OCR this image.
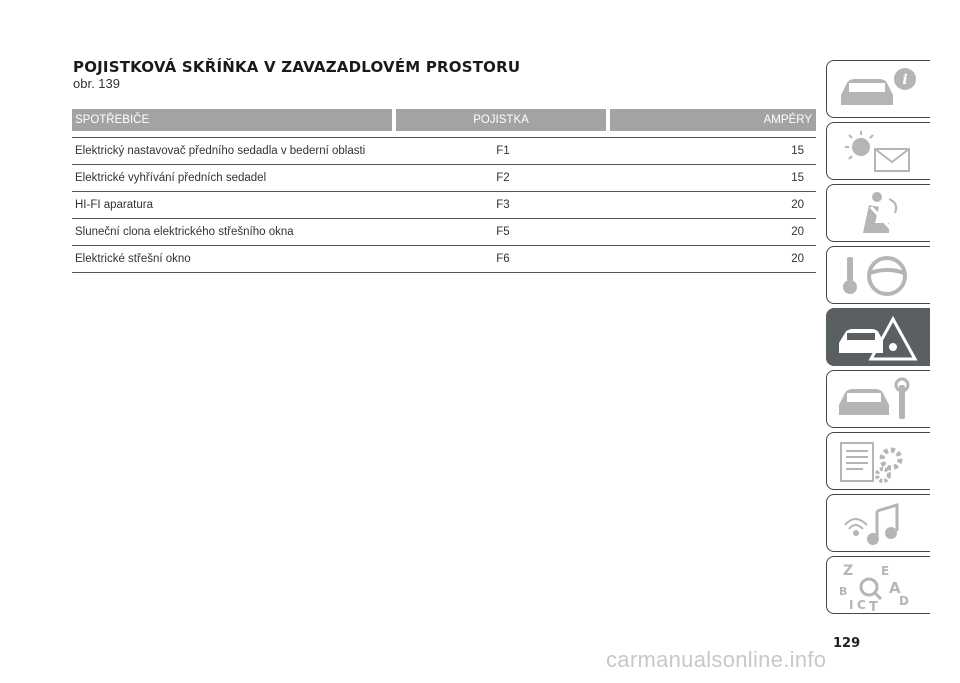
POJISTKOVÁ SKŘÍŇKA V ZAVAZADLOVÉM PROSTORU
obr. 139
SPOTŘEBIČE	POJISTKA	AMPÉRY
Elektrický nastavovač předního sedadla v bederní oblasti	F1	15
Elektrické vyhřívání předních sedadel	F2	15
HI-FI aparatura	F3	20
Sluneční clona elektrického střešního okna	F5	20
Elektrické střešní okno	F6	20
i
Z E
B	A
I C T D
129
carmanualsonline.info
